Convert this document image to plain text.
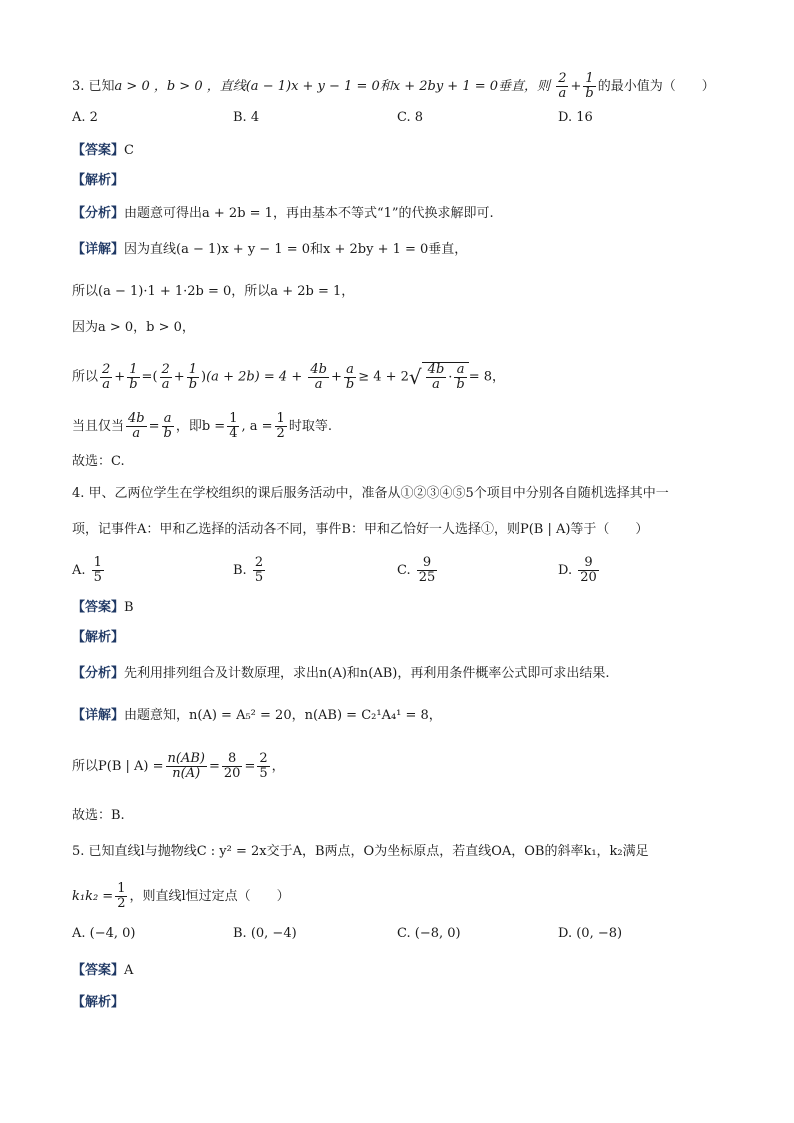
3. 已知a > 0 ，b > 0 ，直线(a − 1)x + y − 1 = 0和x + 2by + 1 = 0垂直，则 $\frac{2}{a} + \frac{1}{b}$ 的最小值为（　　）
A. 2	B. 4	C. 8	D. 16
【答案】C
【解析】
【分析】由题意可得出a + 2b = 1，再由基本不等式“1”的代换求解即可.
【详解】因为直线(a − 1)x + y − 1 = 0和x + 2by + 1 = 0垂直，
所以(a − 1)·1 + 1·2b = 0，所以a + 2b = 1，
因为a > 0，b > 0，
所以 $\frac{2}{a} + \frac{1}{b}$ =( $\frac{2}{a} + \frac{1}{b} )(a + 2b) = 4 + \frac{4b}{a} + \frac{a}{b} \ge 4 + 2√ \frac{4b}{a} \cdot \frac{a}{b} = 8$，
当且仅当 $\frac{4b}{a} = \frac{a}{b}$ ，即$b = \frac{1}{4}$ , $a = \frac{1}{2}$ 时取等.
故选：C.
4. 甲、乙两位学生在学校组织的课后服务活动中，准备从①②③④⑤5个项目中分别各自随机选择其中一
项，记事件A：甲和乙选择的活动各不同，事件B：甲和乙恰好一人选择①，则P(B | A)等于（　　）
A. $\frac{1}{5}$	B. $\frac{2}{5}$	C. $\frac{9}{25}$	D. $\frac{9}{20}$
【答案】B
【解析】
【分析】先利用排列组合及计数原理，求出n(A)和n(AB)，再利用条件概率公式即可求出结果.
【详解】由题意知，n(A) = A₅² = 20，n(AB) = C₂¹A₄¹ = 8，
所以P(B | $A) = \frac{n(AB)}{n(A)} = \frac{8}{20} = \frac{2}{5}$ ，
故选：B.
5. 已知直线l与抛物线C : y² = 2x交于A，B两点，O为坐标原点，若直线OA，OB的斜率k₁，k₂满足
$k_1k_2 = \frac{1}{2}$ ，则直线l恒过定点（　　）
A. (−4, 0)	B. (0, −4)	C. (−8, 0)	D. (0, −8)
【答案】A
【解析】
